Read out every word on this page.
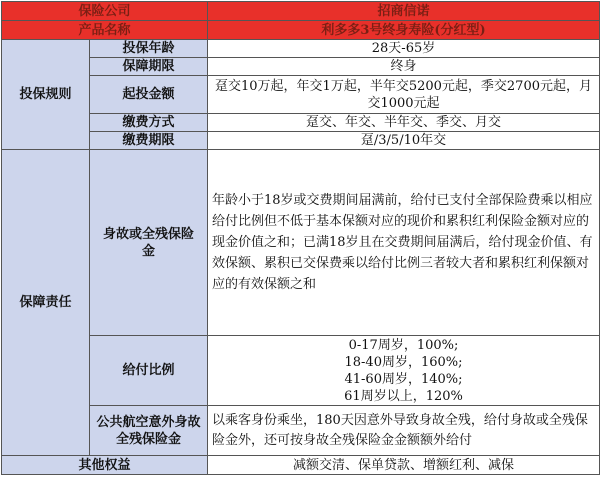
保险公司		招商信诺
产品名称		利多多3号终身寿险(分红型)
投保规则	投保年龄	28天-65岁
	保障期限	终身
	起投金额	趸交10万起，年交1万起，半年交5200元起，季交2700元起，月交1000元起

	缴费方式	趸交、年交、半年交、季交、月交
	缴费期限	趸/3/5/10年交
保障责任	身故或全残保险金	年龄小于18岁或交费期间届满前，给付已支付全部保险费乘以相应给付比例但不低于基本保额对应的现价和累积红利保险金额对应的现金价值之和；已满18岁且在交费期间届满后，给付现金价值、有效保额、累积已交保费乘以给付比例三者较大者和累积红利保额对应的有效保额之和
	给付比例	0-17周岁，100%;
18-40周岁，160%;
41-60周岁，140%;
61周岁以上，120%

	公共航空意外身故全残保险金	以乘客身份乘坐，180天因意外导致身故全残，给付身故或全残保险金外，还可按身故全残保险金金额额外给付
其他权益		减额交清、保单贷款、增额红利、减保
